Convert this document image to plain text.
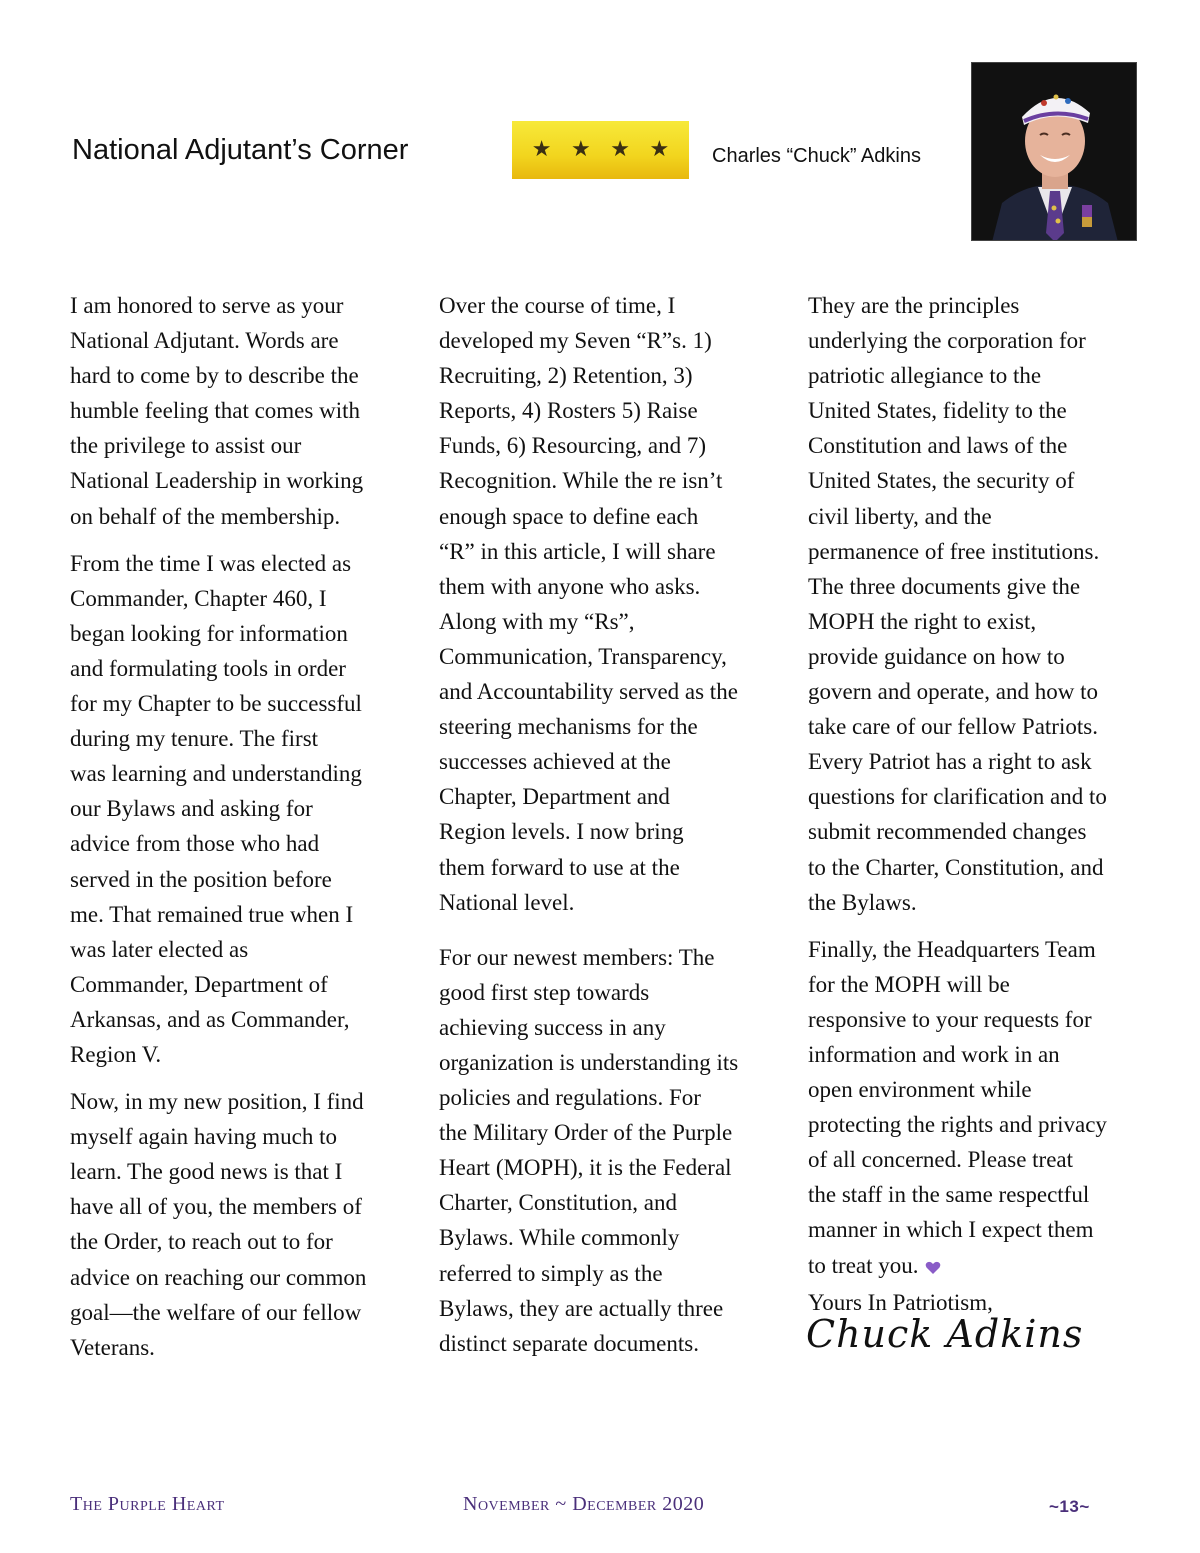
National Adjutant’s Corner	★ ★ ★ ★ Charles “Chuck” Adkins

I am honored to serve as your
National Adjutant. Words are
hard to come by to describe the
humble feeling that comes with
the privilege to assist our
National Leadership in working
on behalf of the membership.

From the time I was elected as
Commander, Chapter 460, I
began looking for information
and formulating tools in order
for my Chapter to be successful
during my tenure. The first
was learning and understanding
our Bylaws and asking for
advice from those who had
served in the position before
me. That remained true when I
was later elected as
Commander, Department of
Arkansas, and as Commander,
Region V.

Now, in my new position, I find
myself again having much to
learn. The good news is that I
have all of you, the members of
the Order, to reach out to for
advice on reaching our common
goal—the welfare of our fellow
Veterans.

Over the course of time, I
developed my Seven “R”s. 1)
Recruiting, 2) Retention, 3)
Reports, 4) Rosters 5) Raise
Funds, 6) Resourcing, and 7)
Recognition. While the re isn’t
enough space to define each
“R” in this article, I will share
them with anyone who asks.
Along with my “Rs”,
Communication, Transparency,
and Accountability served as the
steering mechanisms for the
successes achieved at the
Chapter, Department and
Region levels. I now bring
them forward to use at the
National level.

For our newest members: The
good first step towards
achieving success in any
organization is understanding its
policies and regulations. For
the Military Order of the Purple
Heart (MOPH), it is the Federal
Charter, Constitution, and
Bylaws. While commonly
referred to simply as the
Bylaws, they are actually three
distinct separate documents.

They are the principles
underlying the corporation for
patriotic allegiance to the
United States, fidelity to the
Constitution and laws of the
United States, the security of
civil liberty, and the
permanence of free institutions.
The three documents give the
MOPH the right to exist,
provide guidance on how to
govern and operate, and how to
take care of our fellow Patriots.
Every Patriot has a right to ask
questions for clarification and to
submit recommended changes
to the Charter, Constitution, and
the Bylaws.

Finally, the Headquarters Team
for the MOPH will be
responsive to your requests for
information and work in an
open environment while
protecting the rights and privacy
of all concerned. Please treat
the staff in the same respectful
manner in which I expect them
to treat you.
Yours In Patriotism,

Chuck Adkins
The Purple Heart	November ~ December 2020	~13~
